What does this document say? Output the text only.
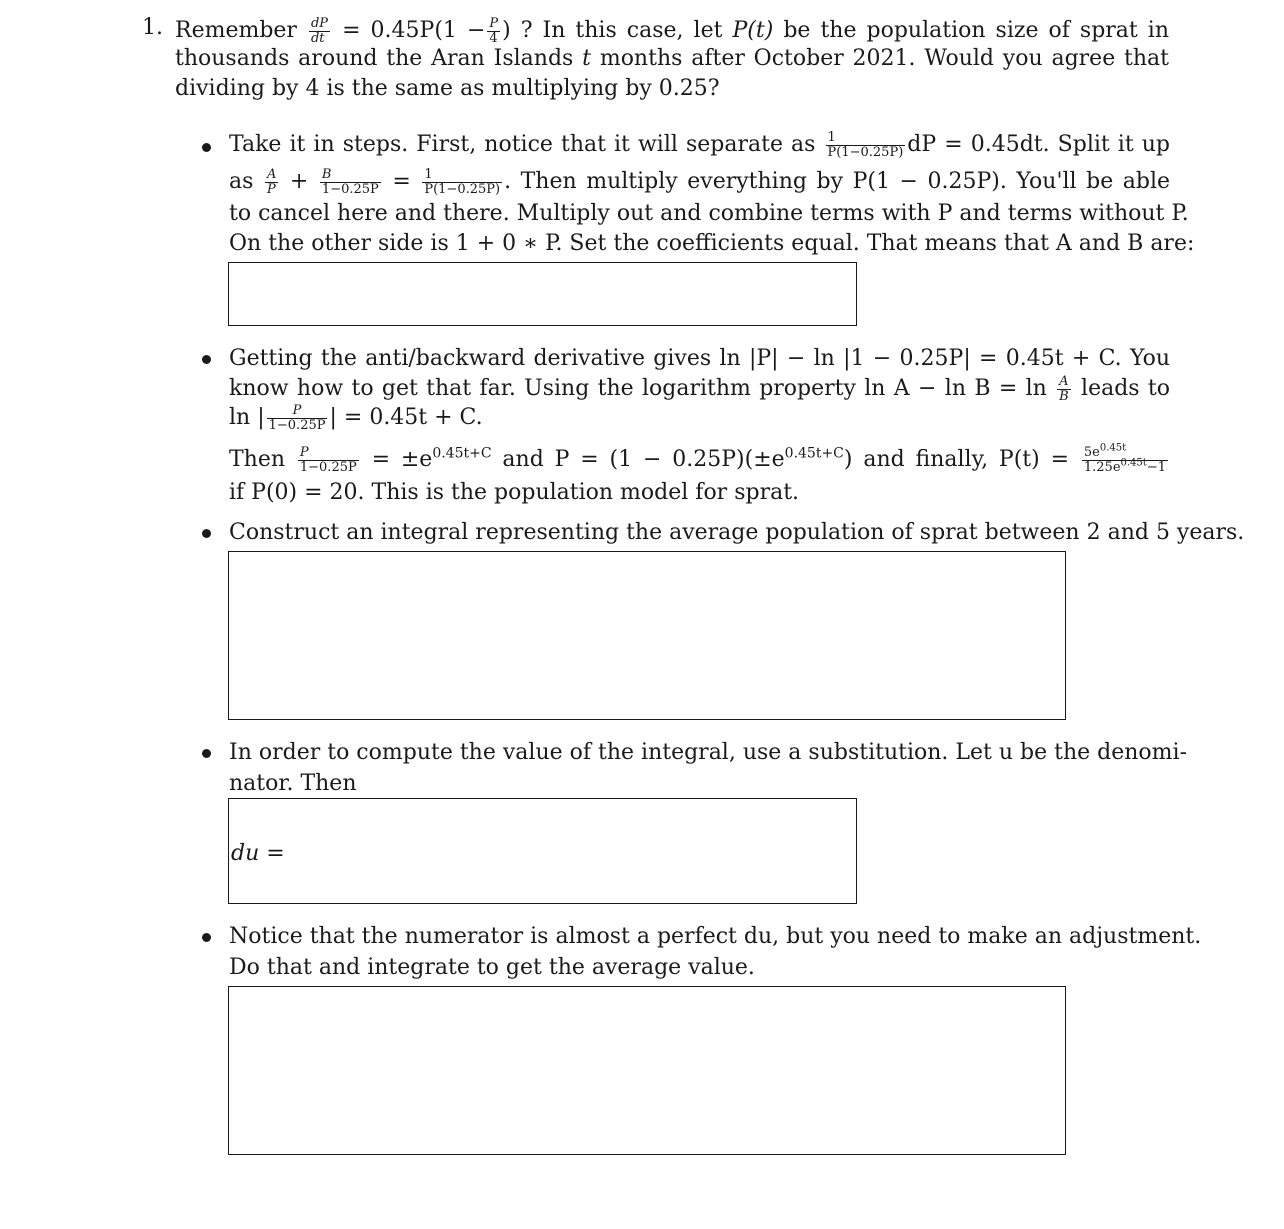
1. Remember $\frac{dP}{dt} = 0.45P(1 - \frac{P}{4}$ ) ? In this case, let P(t) be the population size of sprat in
thousands around the Aran Islands t months after October 2021. Would you agree that
dividing by 4 is the same as multiplying by 0.25?
Take it in steps. First, notice that it will separate as $\frac{1}{P(1-0.25P)}$ dP = 0.45dt. Split it up
as $\frac{A}{P} + \frac{B}{1-0.25P} = \frac{1}{P(1-0.25P)}$ . Then multiply everything by P(1 − 0.25P). You'll be able
to cancel here and there. Multiply out and combine terms with P and terms without P.
On the other side is 1 + 0 ∗ P. Set the coefficients equal. That means that A and B are:
Getting the anti/backward derivative gives ln |P| − ln |1 − 0.25P| = 0.45t + C. You
know how to get that far. Using the logarithm property $\ln A - \ln B = \ln \frac{A}{B}$ leads to
ln | $\frac{P}{1-0.25P}$ | = 0.45t + C.
Then $\frac{P}{1-0.25P} = \pm e^{0.45t+C}$ and $P = (1 - 0.25P)(\pm e^{0.45t+C})$ and finally, $P(t) = \frac{5e^{0.45t}}{1.25e^{0.45t}-1}$
if P(0) = 20. This is the population model for sprat.
Construct an integral representing the average population of sprat between 2 and 5 years.
In order to compute the value of the integral, use a substitution. Let u be the denomi-
nator. Then
du =
Notice that the numerator is almost a perfect du, but you need to make an adjustment.
Do that and integrate to get the average value.
